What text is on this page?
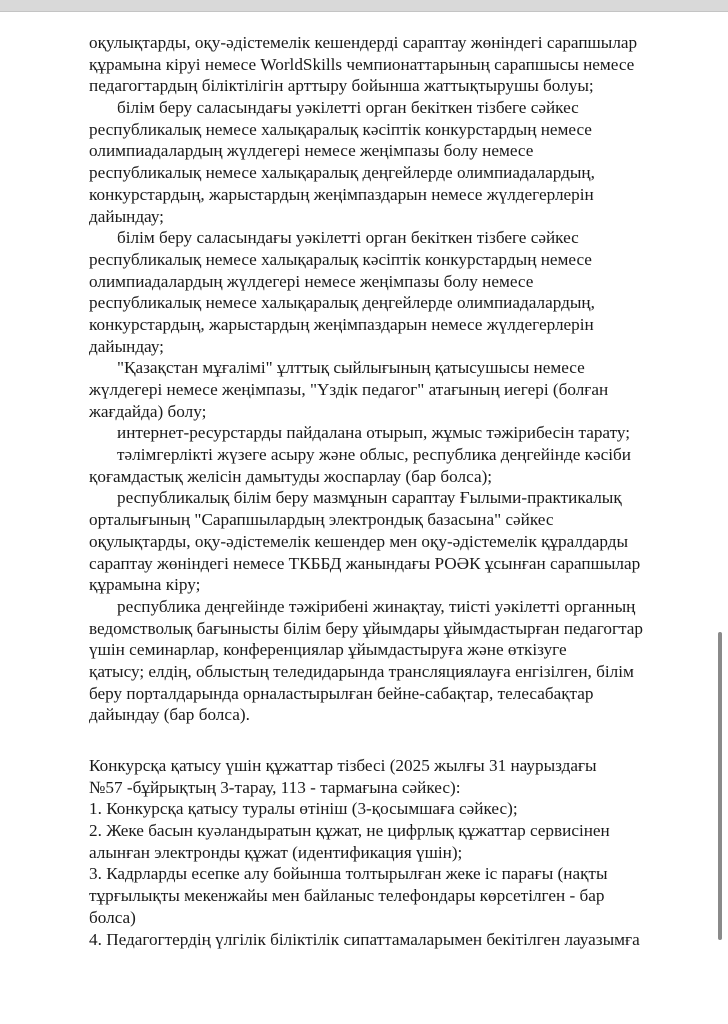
оқулықтарды, оқу-әдістемелік кешендерді сараптау жөніндегі сарапшылар
құрамына кіруі немесе WorldSkills чемпионаттарының сарапшысы немесе
педагогтардың біліктілігін арттыру бойынша жаттықтырушы болуы;
білім беру саласындағы уәкілетті орган бекіткен тізбеге сәйкес
республикалық немесе халықаралық кәсіптік конкурстардың немесе
олимпиадалардың жүлдегері немесе жеңімпазы болу немесе
республикалық немесе халықаралық деңгейлерде олимпиадалардың,
конкурстардың, жарыстардың жеңімпаздарын немесе жүлдегерлерін
дайындау;
білім беру саласындағы уәкілетті орган бекіткен тізбеге сәйкес
республикалық немесе халықаралық кәсіптік конкурстардың немесе
олимпиадалардың жүлдегері немесе жеңімпазы болу немесе
республикалық немесе халықаралық деңгейлерде олимпиадалардың,
конкурстардың, жарыстардың жеңімпаздарын немесе жүлдегерлерін
дайындау;
"Қазақстан мұғалімі" ұлттық сыйлығының қатысушысы немесе
жүлдегері немесе жеңімпазы, "Үздік педагог" атағының иегері (болған
жағдайда) болу;
интернет-ресурстарды пайдалана отырып, жұмыс тәжірибесін тарату;
тәлімгерлікті жүзеге асыру және облыс, республика деңгейінде кәсіби
қоғамдастық желісін дамытуды жоспарлау (бар болса);
республикалық білім беру мазмұнын сараптау Ғылыми-практикалық
орталығының "Сарапшылардың электрондық базасына" сәйкес
оқулықтарды, оқу-әдістемелік кешендер мен оқу-әдістемелік құралдарды
сараптау жөніндегі немесе ТКББД жанындағы РОӘК ұсынған сарапшылар
құрамына кіру;
республика деңгейінде тәжірибені жинақтау, тиісті уәкілетті органның
ведомстволық бағынысты білім беру ұйымдары ұйымдастырған педагогтар
үшін семинарлар, конференциялар ұйымдастыруға және өткізуге
қатысу; елдің, облыстың теледидарында трансляциялауға енгізілген, білім
беру порталдарында орналастырылған бейне-сабақтар, телесабақтар
дайындау (бар болса).
Конкурсқа қатысу үшін құжаттар тізбесі (2025 жылғы 31 наурыздағы
№57 -бұйрықтың 3-тарау, 113 - тармағына сәйкес):
1. Конкурсқа қатысу туралы өтініш (3-қосымшаға сәйкес);
2. Жеке басын куәландыратын құжат, не цифрлық құжаттар сервисінен
алынған электронды құжат (идентификация үшін);
3. Кадрларды есепке алу бойынша толтырылған жеке іс парағы (нақты
тұрғылықты мекенжайы мен байланыс телефондары көрсетілген - бар
болса)
4. Педагогтердің үлгілік біліктілік сипаттамаларымен бекітілген лауазымға
